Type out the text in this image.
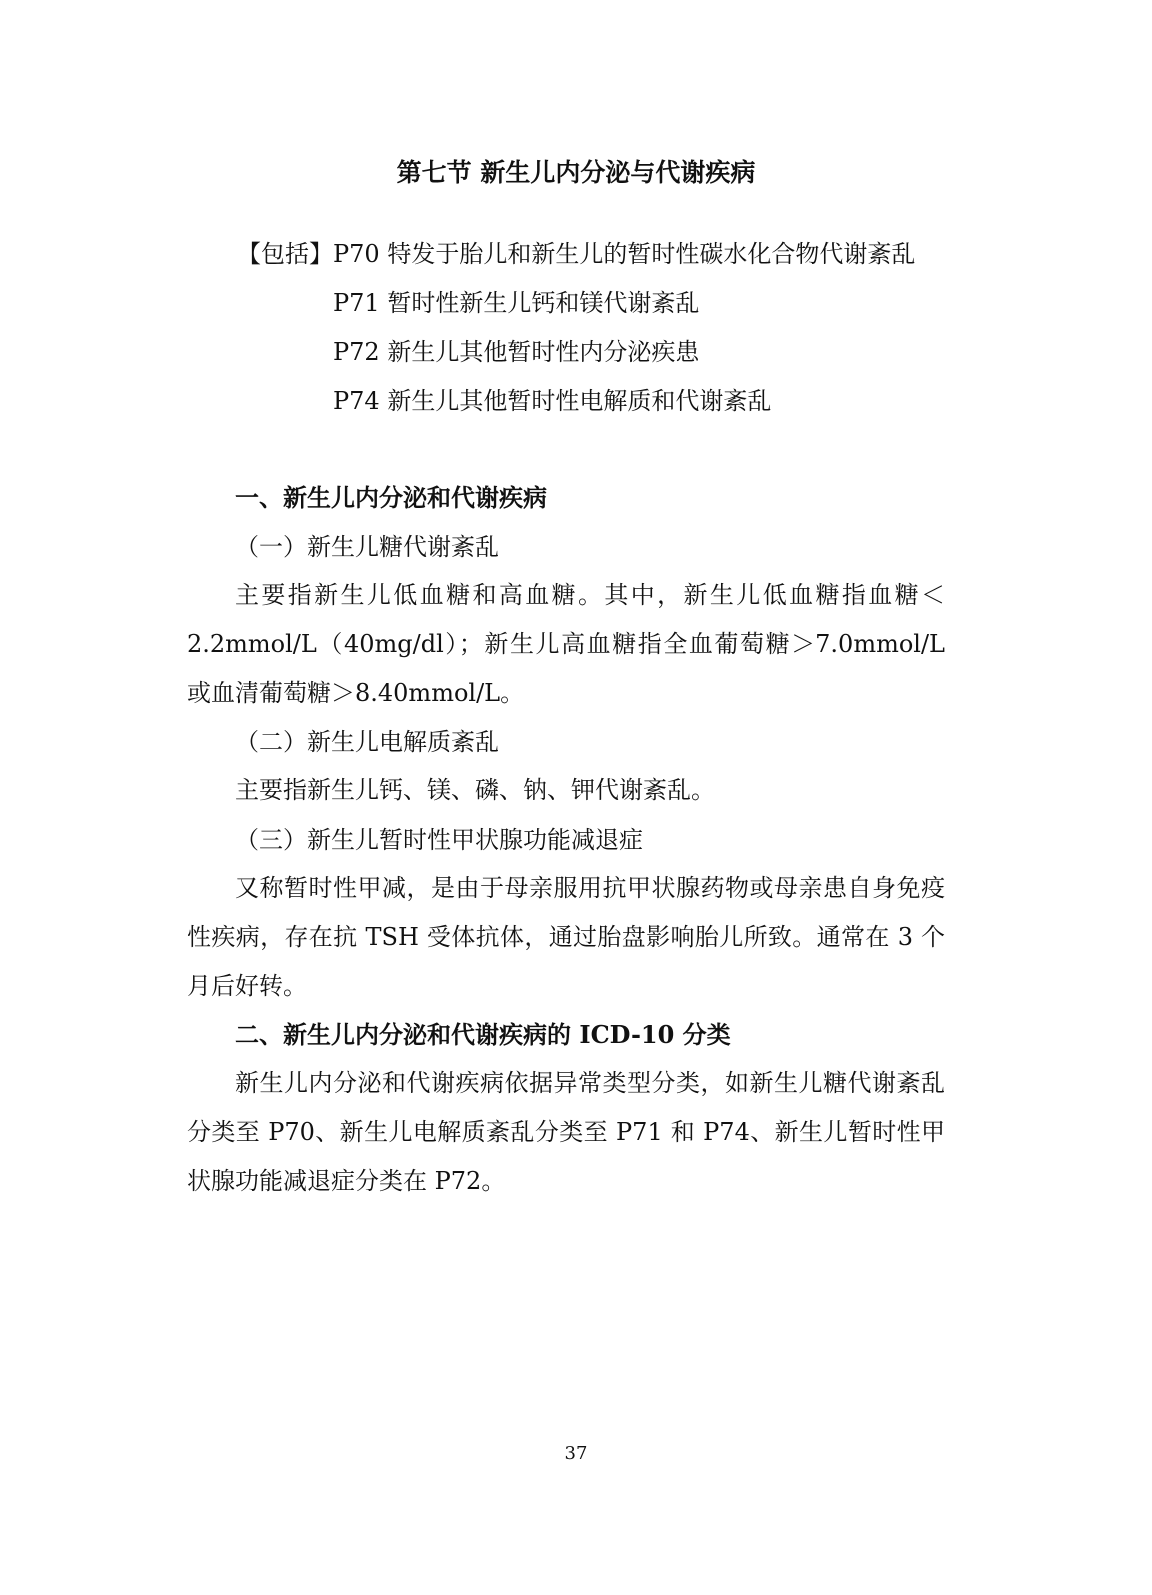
第七节 新生儿内分泌与代谢疾病
【包括】 P70 特发于胎儿和新生儿的暂时性碳水化合物代谢紊乱
P71 暂时性新生儿钙和镁代谢紊乱
P72 新生儿其他暂时性内分泌疾患
P74 新生儿其他暂时性电解质和代谢紊乱
一、新生儿内分泌和代谢疾病
（一）新生儿糖代谢紊乱
主要指新生儿低血糖和高血糖。其中，新生儿低血糖指血糖＜2.2mmol/L（40mg/dl）；新生儿高血糖指全血葡萄糖＞7.0mmol/L 或血清葡萄糖＞8.40mmol/L。
（二）新生儿电解质紊乱
主要指新生儿钙、镁、磷、钠、钾代谢紊乱。
（三）新生儿暂时性甲状腺功能减退症
又称暂时性甲减，是由于母亲服用抗甲状腺药物或母亲患自身免疫性疾病，存在抗 TSH 受体抗体，通过胎盘影响胎儿所致。通常在 3 个月后好转。
二、新生儿内分泌和代谢疾病的 ICD-10 分类
新生儿内分泌和代谢疾病依据异常类型分类，如新生儿糖代谢紊乱分类至 P70、新生儿电解质紊乱分类至 P71 和 P74、新生儿暂时性甲状腺功能减退症分类在 P72。
37
